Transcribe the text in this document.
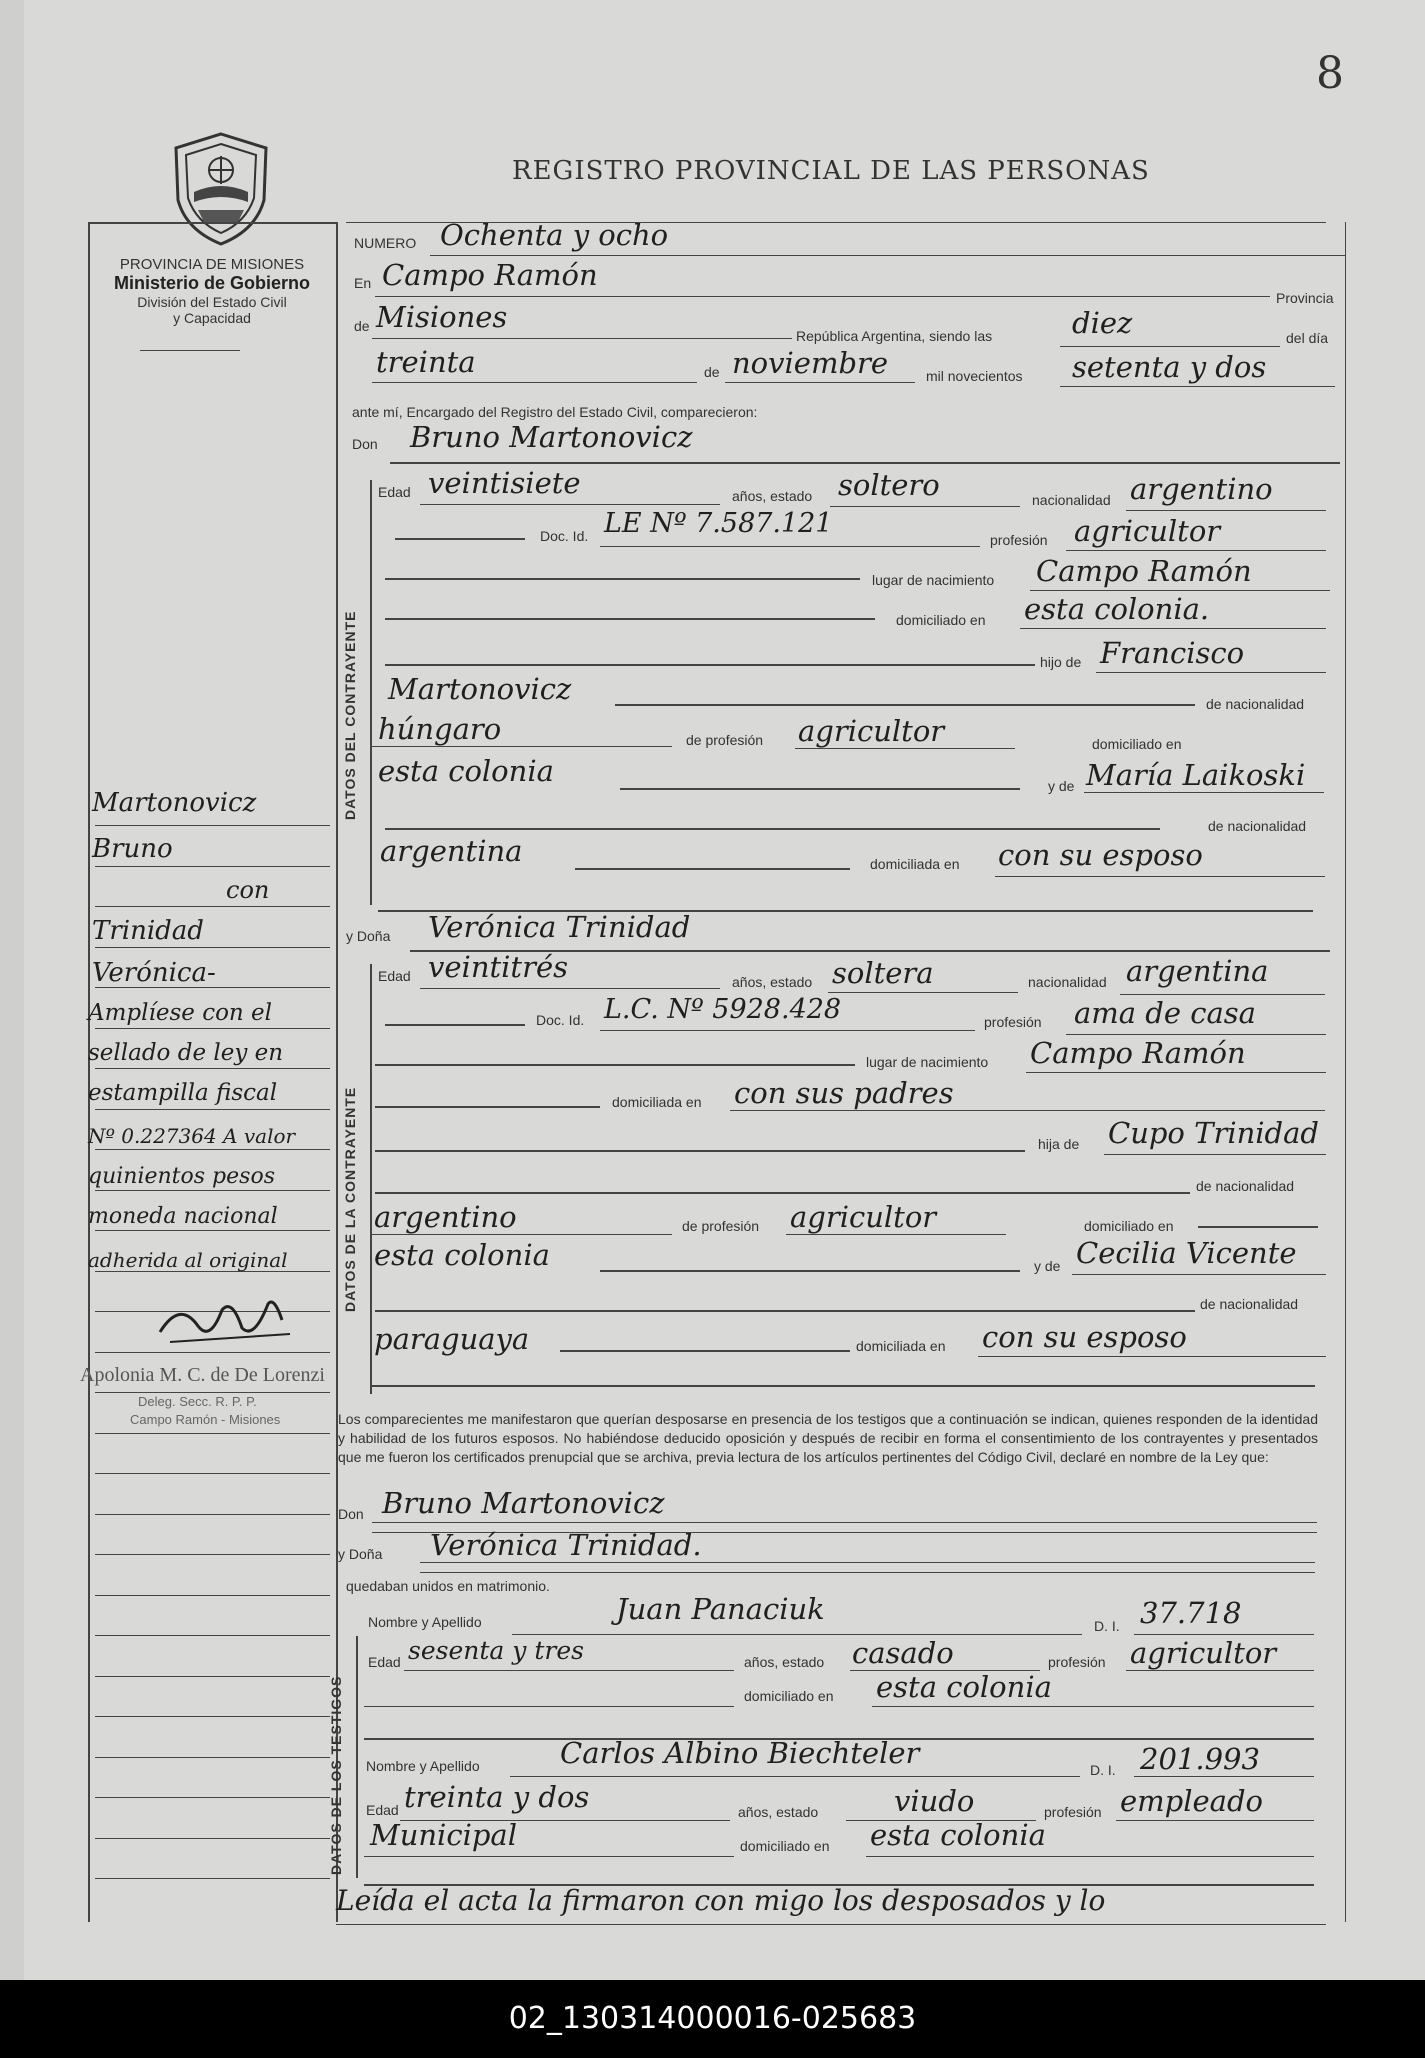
8
REGISTRO PROVINCIAL DE LAS PERSONAS
PROVINCIA DE MISIONES
Ministerio de Gobierno
División del Estado Civil
y Capacidad
Martonovicz
Bruno
con
Trinidad
Verónica-
Amplíese con el
sellado de ley en
estampilla fiscal
Nº 0.227364 A valor
quinientos pesos
moneda nacional
adherida al original
Apolonia M. C. de De Lorenzi
Deleg. Secc. R. P. P.
Campo Ramón - Misiones
NUMERO Ochenta y ocho
En Campo Ramón
Provincia
de Misiones
República Argentina, siendo las	diez	del día
treinta	de noviembre	mil novecientos setenta y dos
ante mí, Encargado del Registro del Estado Civil, comparecieron:
Don Bruno Martonovicz
DATOS DEL CONTRAYENTE
Edad veintisiete	años, estado soltero	nacionalidad argentino
Doc. Id. LE Nº 7.587.121
profesión agricultor
lugar de nacimiento Campo Ramón
domiciliado en esta colonia.
hijo de Francisco
Martonovicz	de nacionalidad
húngaro	de profesión agricultor	domiciliado en
esta colonia	y de María Laikoski
de nacionalidad
argentina	domiciliada en con su esposo
y Doña Verónica Trinidad
DATOS DE LA CONTRAYENTE
Edad veintitrés	años, estado soltera	nacionalidad argentina
Doc. Id. L.C. Nº 5928.428	profesión ama de casa
lugar de nacimiento Campo Ramón
domiciliada en con sus padres
hija de Cupo Trinidad
de nacionalidad
argentino	de profesión agricultor	domiciliado en
esta colonia	y de Cecilia Vicente
de nacionalidad
paraguaya	domiciliada en con su esposo
Los comparecientes me manifestaron que querían desposarse en presencia de los testigos que a continuación se indican, quienes responden de la identidad y habilidad de los futuros esposos. No habiéndose deducido oposición y después de recibir en forma el consentimiento de los contrayentes y presentados que me fueron los certificados prenupcial que se archiva, previa lectura de los artículos pertinentes del Código Civil, declaré en nombre de la Ley que:
Don Bruno Martonovicz
y Doña Verónica Trinidad.
quedaban unidos en matrimonio.
DATOS DE LOS TESTIGOS
Nombre y Apellido	Juan Panaciuk	D. I. 37.718
Edad sesenta y tres	años, estado casado	profesión agricultor
domiciliado en esta colonia
Nombre y Apellido	Carlos Albino Biechteler	D. I. 201.993
Edad treinta y dos	años, estado	viudo	profesión empleado
Municipal	domiciliado en esta colonia
Leída el acta la firmaron con migo los desposados y lo
02_130314000016-025683
